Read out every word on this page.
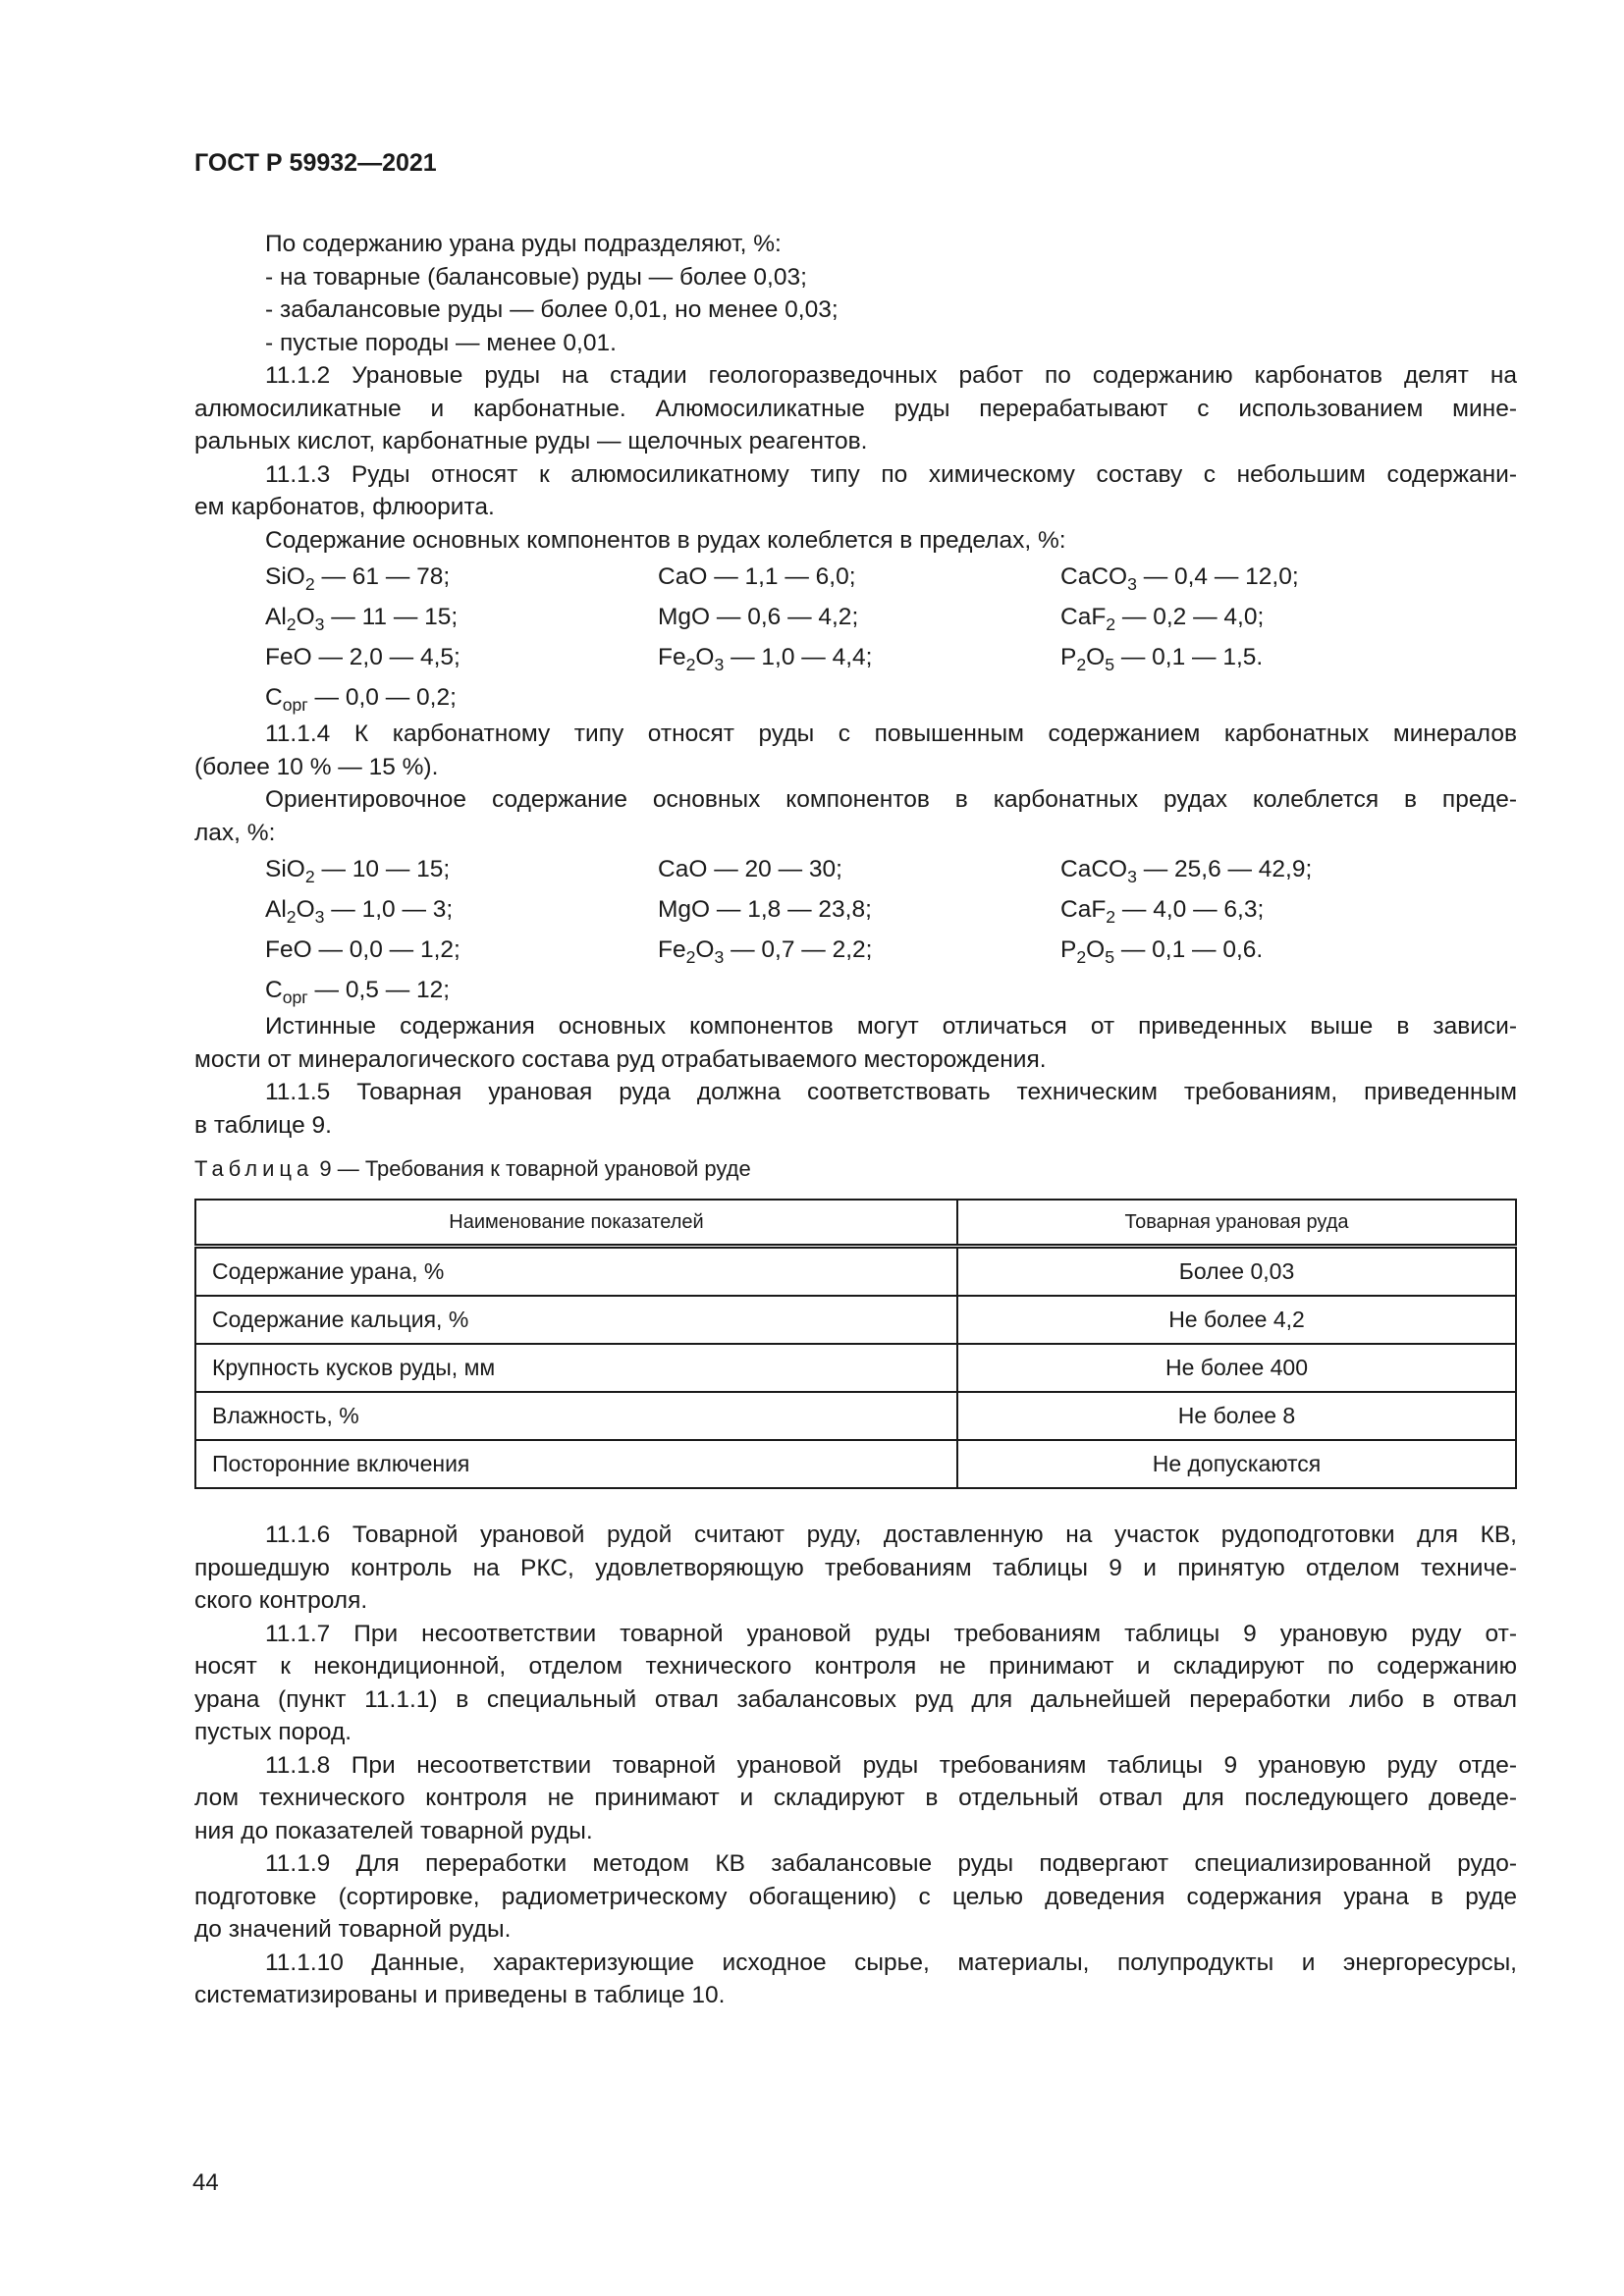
ГОСТ Р 59932—2021
По содержанию урана руды подразделяют, %:
- на товарные (балансовые) руды — более 0,03;
- забалансовые руды — более 0,01, но менее 0,03;
- пустые породы — менее 0,01.
11.1.2 Урановые руды на стадии геологоразведочных работ по содержанию карбонатов делят на
алюмосиликатные и карбонатные. Алюмосиликатные руды перерабатывают с использованием мине-
ральных кислот, карбонатные руды — щелочных реагентов.
11.1.3 Руды относят к алюмосиликатному типу по химическому составу с небольшим содержани-
ем карбонатов, флюорита.
Содержание основных компонентов в рудах колеблется в пределах, %:
SiO$_2$ — 61 — 78;	CaO — 1,1 — 6,0;	CaCO$_3$ — 0,4 — 12,0;
$Al_2O_3$ — 11 — 15;	MgO — 0,6 — 4,2;	CaF$_2$ — 0,2 — 4,0;
FeO — 2,0 — 4,5;	$Fe_2O_3$ — 1,0 — 4,4;	$P_2O_5$ — 0,1 — 1,5.
$C_{орг}$ — 0,0 — 0,2;
11.1.4 К карбонатному типу относят руды с повышенным содержанием карбонатных минералов
(более 10 % — 15 %).
Ориентировочное содержание основных компонентов в карбонатных рудах колеблется в преде-
лах, %:
SiO$_2$ — 10 — 15;	CaO — 20 — 30;	CaCO$_3$ — 25,6 — 42,9;
$Al_2O_3$ — 1,0 — 3;	MgO — 1,8 — 23,8;	CaF$_2$ — 4,0 — 6,3;
FeO — 0,0 — 1,2;	$Fe_2O_3$ — 0,7 — 2,2;	$P_2O_5$ — 0,1 — 0,6.
$C_{орг}$ — 0,5 — 12;
Истинные содержания основных компонентов могут отличаться от приведенных выше в зависи-
мости от минералогического состава руд отрабатываемого месторождения.
11.1.5 Товарная урановая руда должна соответствовать техническим требованиям, приведенным
в таблице 9.
Таблица 9 — Требования к товарной урановой руде
Наименование показателей	Товарная урановая руда
Содержание урана, %	Более 0,03
Содержание кальция, %	Не более 4,2
Крупность кусков руды, мм	Не более 400
Влажность, %	Не более 8
Посторонние включения	Не допускаются
11.1.6 Товарной урановой рудой считают руду, доставленную на участок рудоподготовки для КВ,
прошедшую контроль на РКС, удовлетворяющую требованиям таблицы 9 и принятую отделом техниче-
ского контроля.
11.1.7 При несоответствии товарной урановой руды требованиям таблицы 9 урановую руду от-
носят к некондиционной, отделом технического контроля не принимают и складируют по содержанию
урана (пункт 11.1.1) в специальный отвал забалансовых руд для дальнейшей переработки либо в отвал
пустых пород.
11.1.8 При несоответствии товарной урановой руды требованиям таблицы 9 урановую руду отде-
лом технического контроля не принимают и складируют в отдельный отвал для последующего доведе-
ния до показателей товарной руды.
11.1.9 Для переработки методом КВ забалансовые руды подвергают специализированной рудо-
подготовке (сортировке, радиометрическому обогащению) с целью доведения содержания урана в руде
до значений товарной руды.
11.1.10 Данные, характеризующие исходное сырье, материалы, полупродукты и энергоресурсы,
систематизированы и приведены в таблице 10.
44
